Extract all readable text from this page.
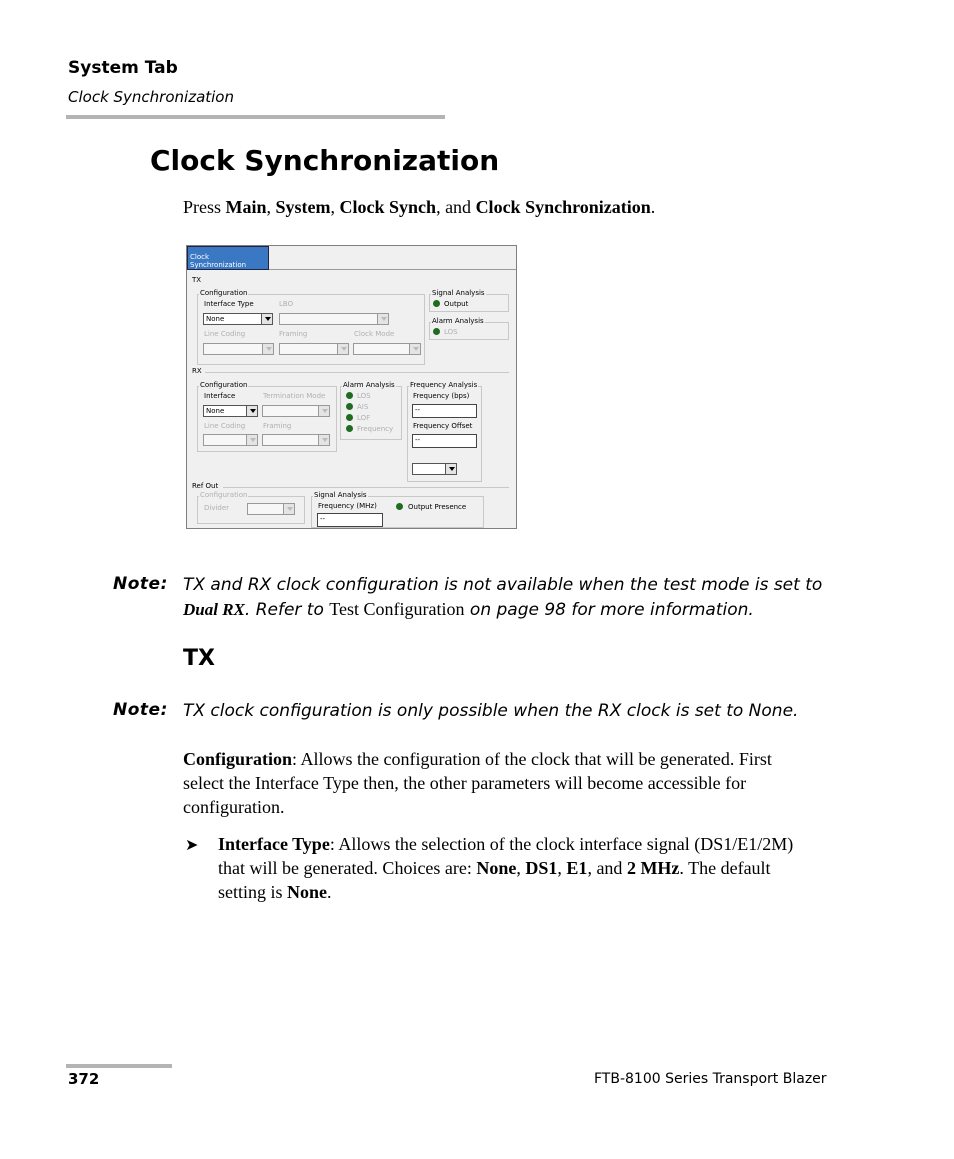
System Tab
Clock Synchronization
Clock Synchronization
Press Main, System, Clock Synch, and Clock Synchronization.
Clock Synchronization
TX
Configuration
Interface Type
None
LBO
Line Coding	Framing	Clock Mode
Signal Analysis
Output
Alarm Analysis
LOS
RX
Configuration
Interface
None
Termination Mode
Line Coding	Framing
Alarm Analysis
LOS
AIS
LOF
Frequency
Frequency Analysis
Frequency (bps)
--
Frequency Offset
--
Ref Out
Configuration
Divider
Signal Analysis
Frequency (MHz)
--
Output Presence
Note: TX and RX clock configuration is not available when the test mode is set to Dual RX. Refer to Test Configuration on page 98 for more information.
TX
Note: TX clock configuration is only possible when the RX clock is set to None.
Configuration: Allows the configuration of the clock that will be generated. First select the Interface Type then, the other parameters will become accessible for configuration.
➤ Interface Type: Allows the selection of the clock interface signal (DS1/E1/2M) that will be generated. Choices are: None, DS1, E1, and 2 MHz. The default setting is None.
372	FTB-8100 Series Transport Blazer
